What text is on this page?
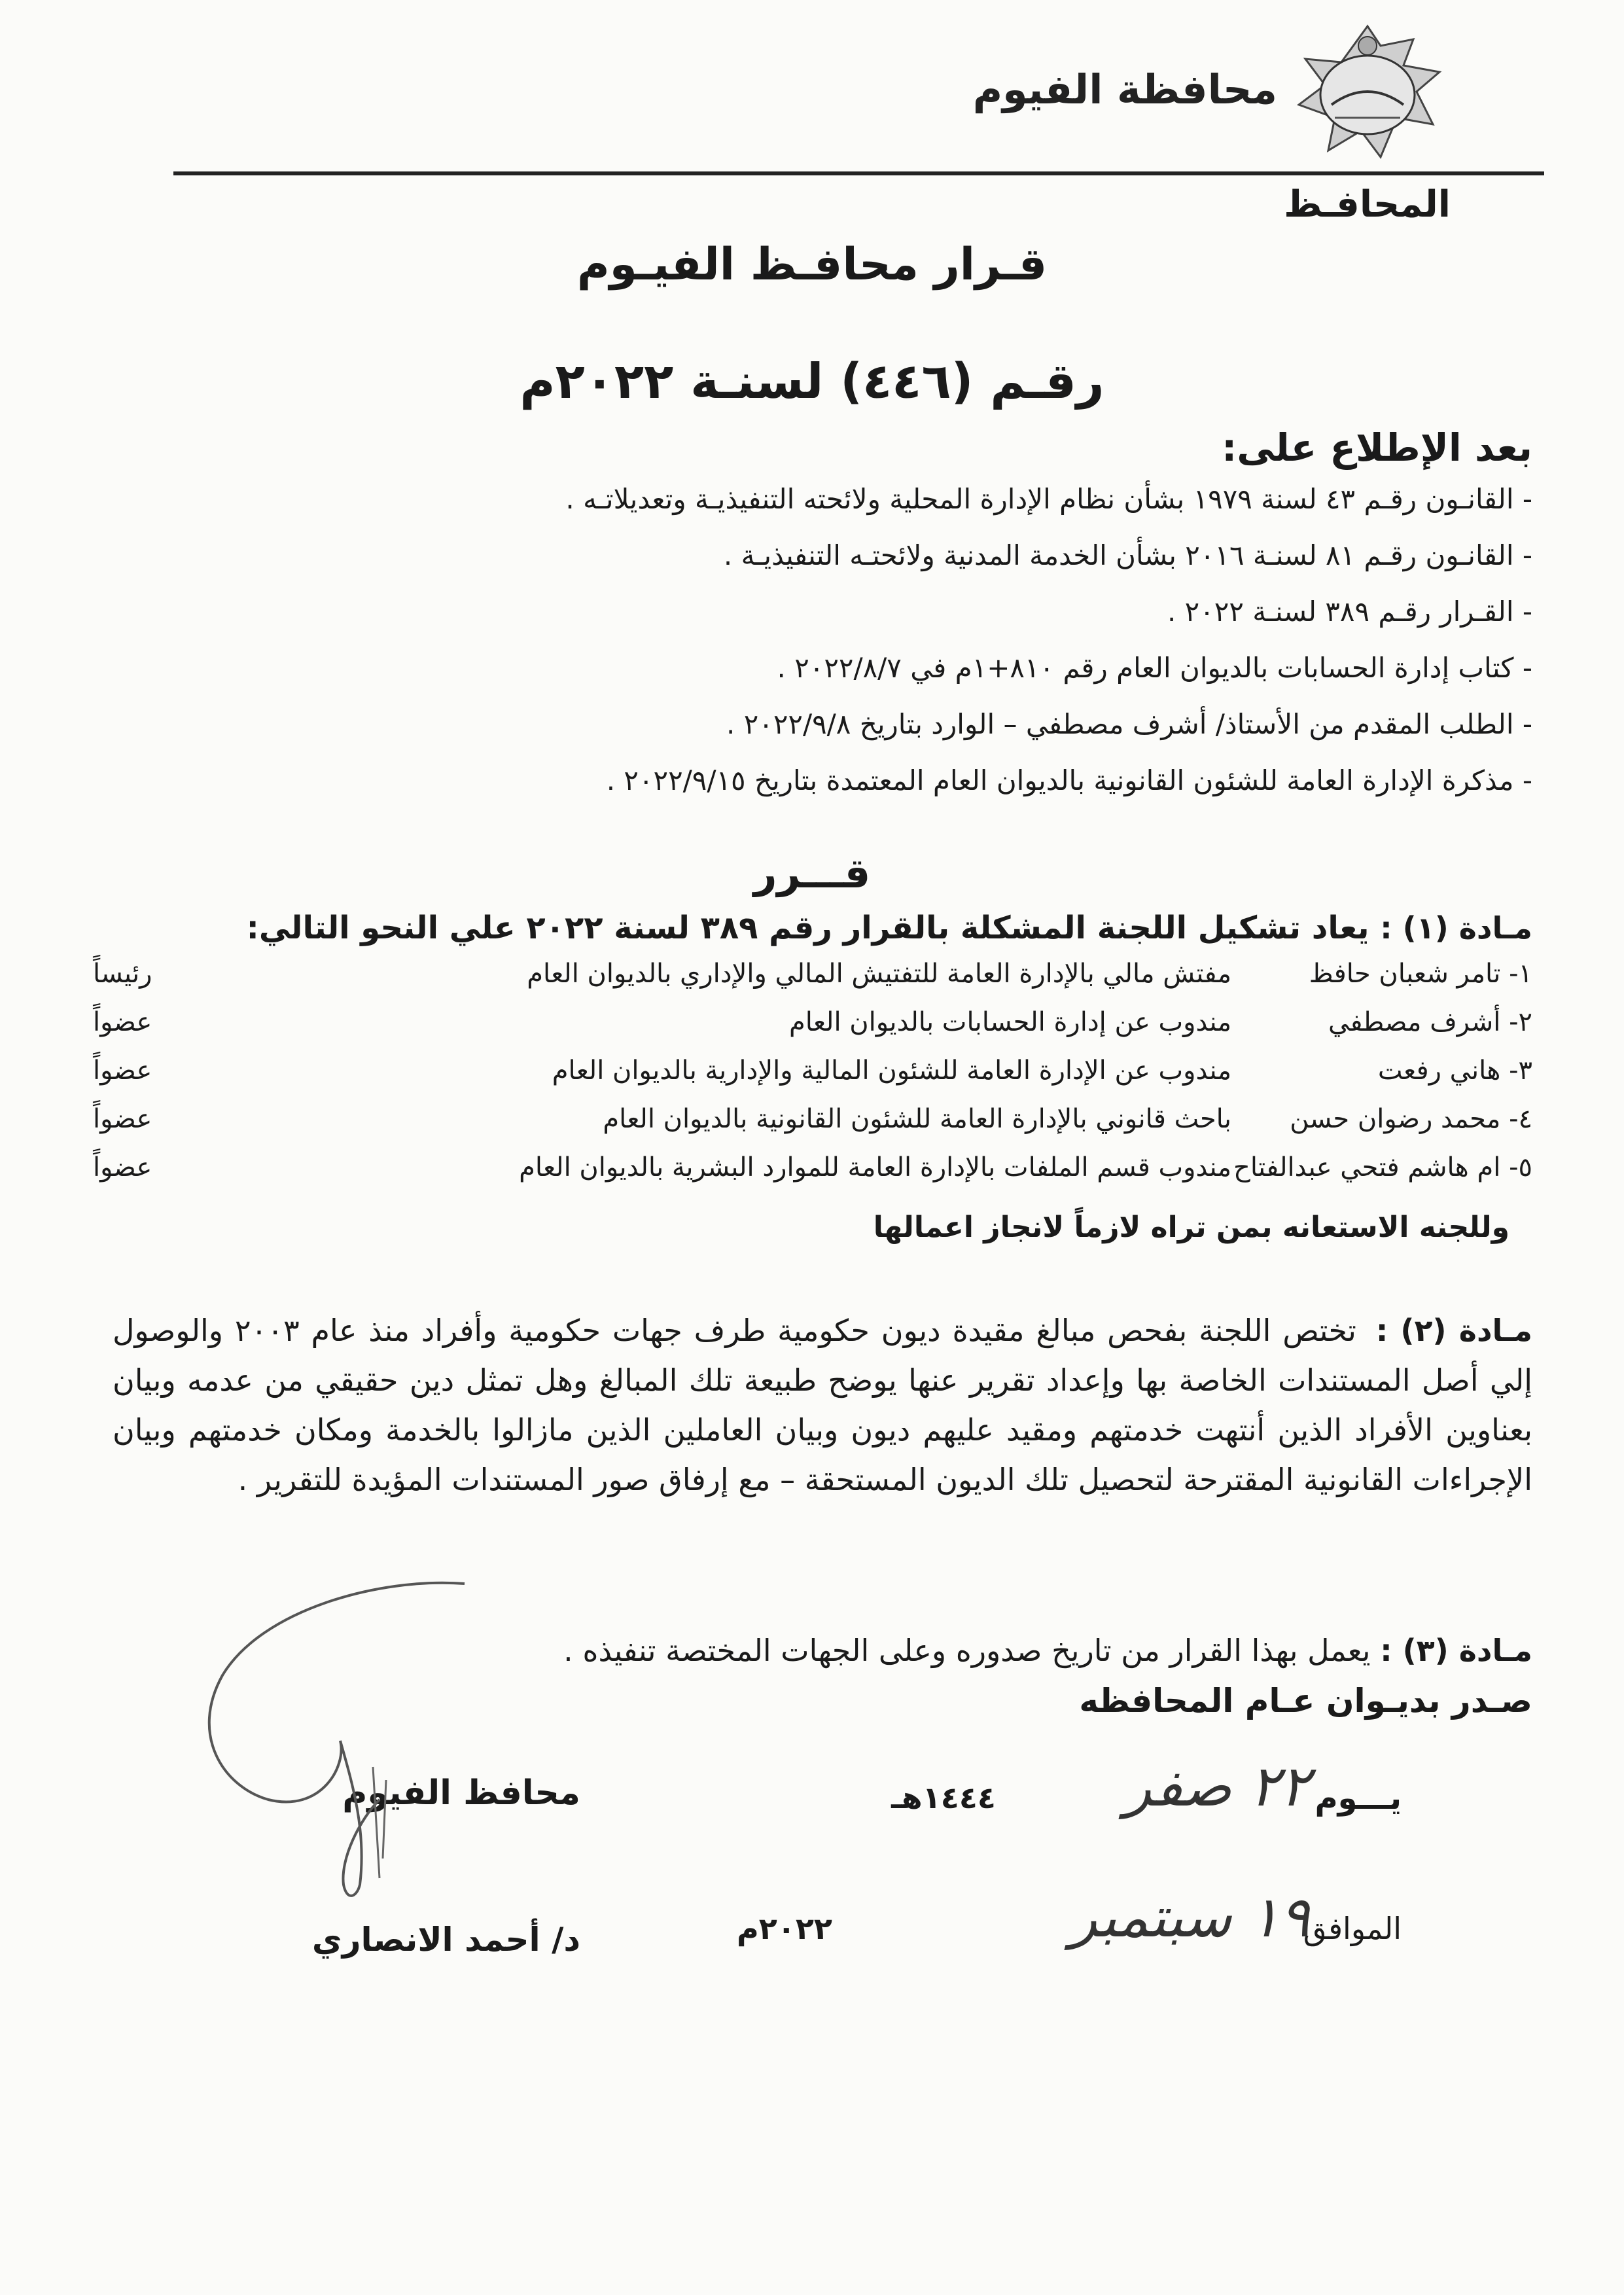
محافظة الفيوم
المحافـظ
قـرار محافـظ الفيـوم
رقـم (٤٤٦) لسنـة ٢٠٢٢م
بعد الإطلاع على:
- القانـون رقـم ٤٣ لسنة ١٩٧٩ بشأن نظام الإدارة المحلية ولائحته التنفيذيـة وتعديلاتـه .
- القانـون رقـم ٨١ لسنـة ٢٠١٦ بشأن الخدمة المدنية ولائحتـه التنفيذيـة .
- القـرار رقـم ٣٨٩ لسنـة ٢٠٢٢ .
- كتاب إدارة الحسابات بالديوان العام رقم ٨١٠+١م في ٢٠٢٢/٨/٧ .
- الطلب المقدم من الأستاذ/ أشرف مصطفي – الوارد بتاريخ ٢٠٢٢/٩/٨ .
- مذكرة الإدارة العامة للشئون القانونية بالديوان العام المعتمدة بتاريخ ٢٠٢٢/٩/١٥ .
قـــرر
مـادة (١) : يعاد تشكيل اللجنة المشكلة بالقرار رقم ٣٨٩ لسنة ٢٠٢٢ علي النحو التالي:
١- تامر شعبان حافظ
مفتش مالي بالإدارة العامة للتفتيش المالي والإداري بالديوان العام
رئيساً
٢- أشرف مصطفي
مندوب عن إدارة الحسابات بالديوان العام
عضواً
٣- هاني رفعت
مندوب عن الإدارة العامة للشئون المالية والإدارية بالديوان العام
عضواً
٤- محمد رضوان حسن
باحث قانوني بالإدارة العامة للشئون القانونية بالديوان العام
عضواً
٥- ام هاشم فتحي عبدالفتاح
مندوب قسم الملفات بالإدارة العامة للموارد البشرية بالديوان العام
عضواً
وللجنه الاستعانه بمن تراه لازماً لانجاز اعمالها
مـادة (٢) : تختص اللجنة بفحص مبالغ مقيدة ديون حكومية طرف جهات حكومية وأفراد منذ عام ٢٠٠٣ والوصول إلي أصل المستندات الخاصة بها وإعداد تقرير عنها يوضح طبيعة تلك المبالغ وهل تمثل دين حقيقي من عدمه وبيان بعناوين الأفراد الذين أنتهت خدمتهم ومقيد عليهم ديون وبيان العاملين الذين مازالوا بالخدمة ومكان خدمتهم وبيان الإجراءات القانونية المقترحة لتحصيل تلك الديون المستحقة – مع إرفاق صور المستندات المؤيدة للتقرير .
مـادة (٣) : يعمل بهذا القرار من تاريخ صدوره وعلى الجهات المختصة تنفيذه .
صـدر بديـوان عـام المحافظه
يـــوم
٢٢ صفر
١٤٤٤هـ
الموافق
١٩ سبتمبر
٢٠٢٢م
محافظ الفيوم
د/ أحمد الانصاري
